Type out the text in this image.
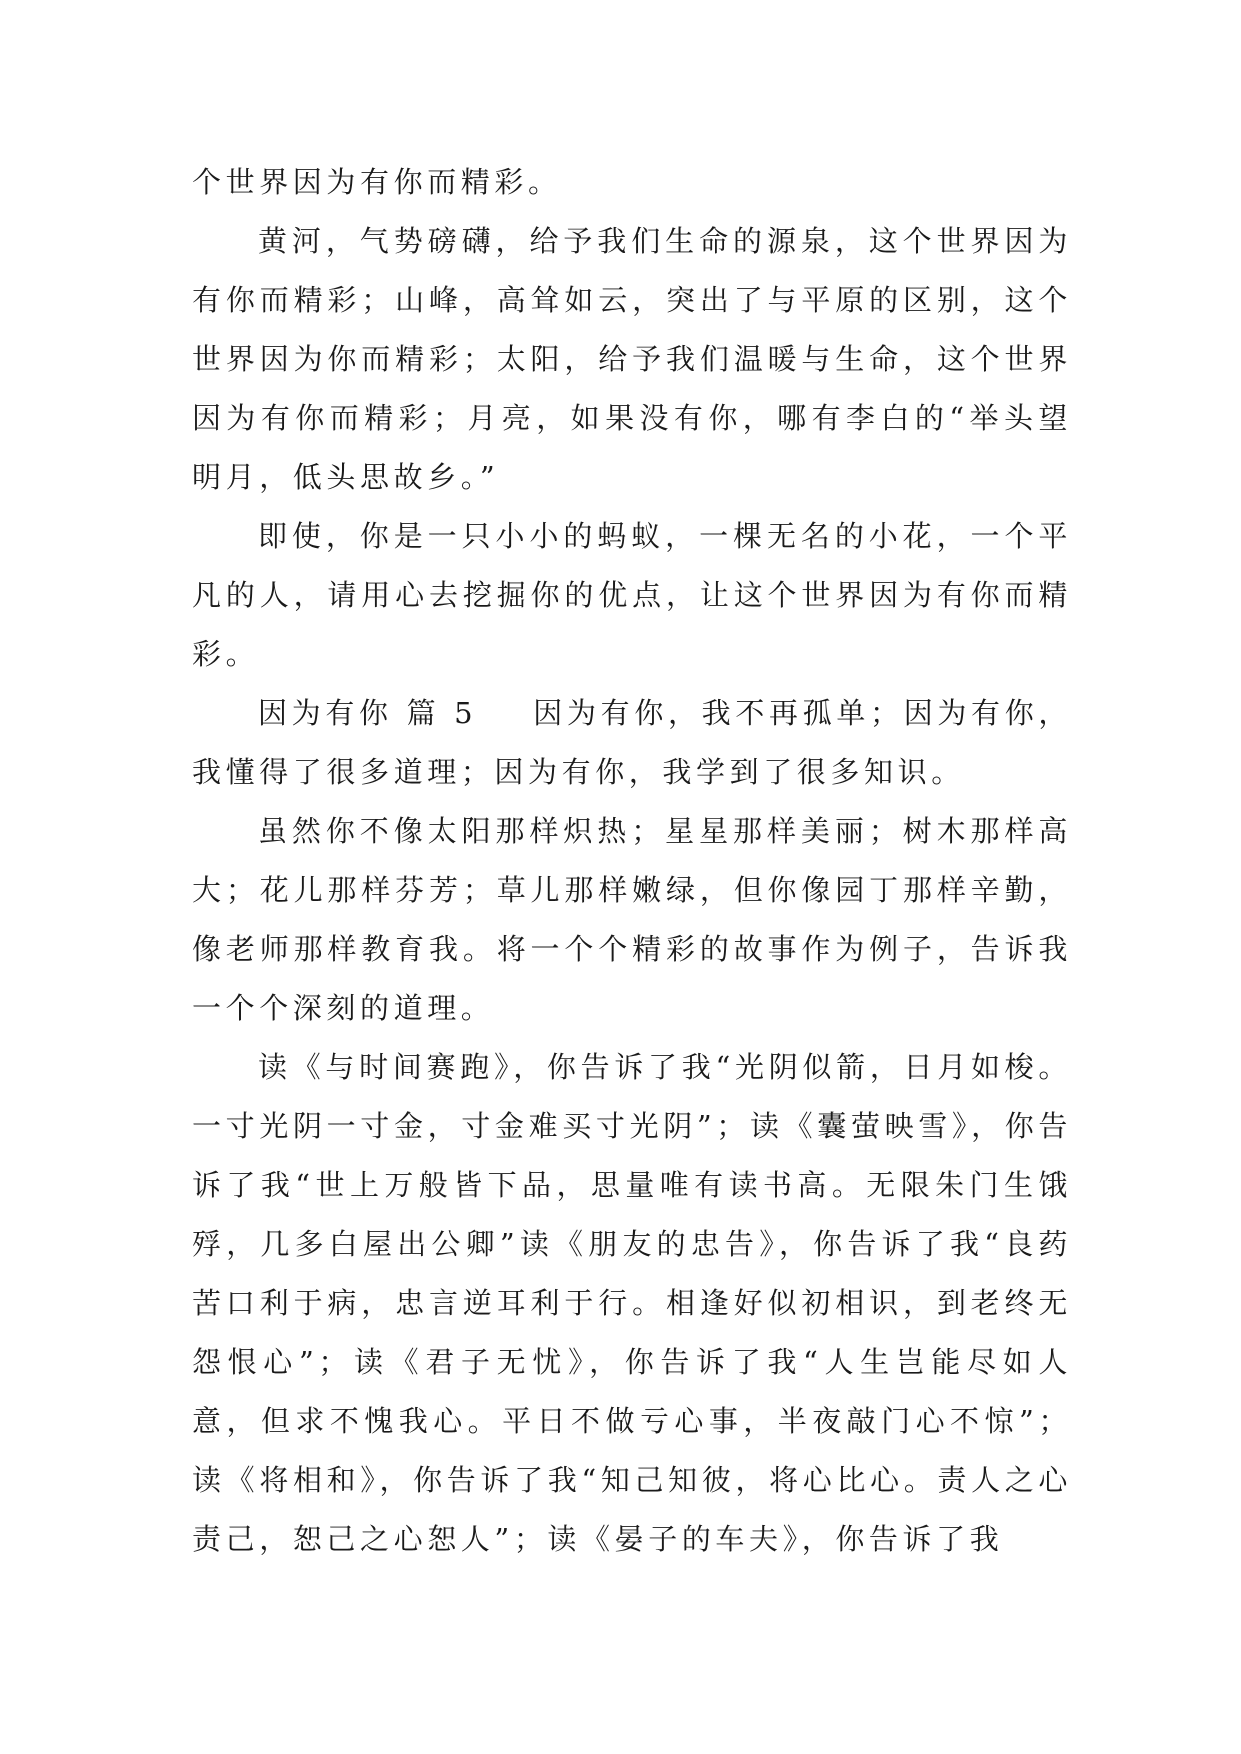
个世界因为有你而精彩。

黄河，气势磅礴，给予我们生命的源泉，这个世界因为有你而精彩；山峰，高耸如云，突出了与平原的区别，这个世界因为你而精彩；太阳，给予我们温暖与生命，这个世界因为有你而精彩；月亮，如果没有你，哪有李白的“举头望明月，低头思故乡。”

即使，你是一只小小的蚂蚁，一棵无名的小花，一个平凡的人，请用心去挖掘你的优点，让这个世界因为有你而精彩。

因为有你 篇 5 因为有你，我不再孤单；因为有你，我懂得了很多道理；因为有你，我学到了很多知识。

虽然你不像太阳那样炽热；星星那样美丽；树木那样高大；花儿那样芬芳；草儿那样嫩绿，但你像园丁那样辛勤，像老师那样教育我。将一个个精彩的故事作为例子，告诉我一个个深刻的道理。

读《与时间赛跑》，你告诉了我“光阴似箭，日月如梭。一寸光阴一寸金，寸金难买寸光阴”；读《囊萤映雪》，你告诉了我“世上万般皆下品，思量唯有读书高。无限朱门生饿殍，几多白屋出公卿”读《朋友的忠告》，你告诉了我“良药苦口利于病，忠言逆耳利于行。相逢好似初相识，到老终无怨恨心”；读《君子无忧》，你告诉了我“人生岂能尽如人意，但求不愧我心。平日不做亏心事，半夜敲门心不惊”；读《将相和》，你告诉了我“知己知彼，将心比心。责人之心责己，恕己之心恕人”；读《晏子的车夫》，你告诉了我
